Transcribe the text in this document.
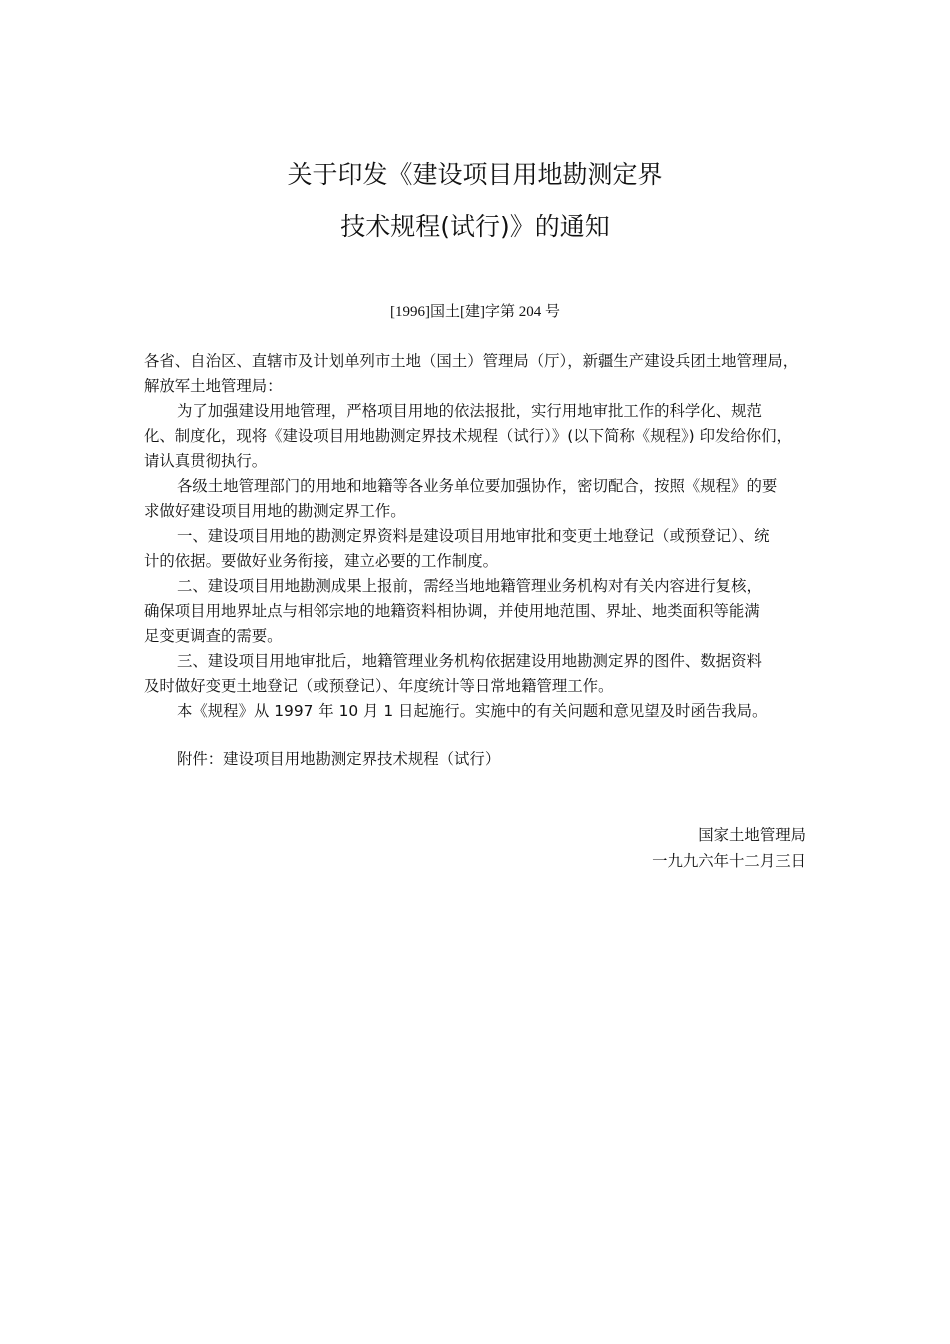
关于印发《建设项目用地勘测定界
技术规程(试行)》的通知
[1996]国土[建]字第 204 号
各省、自治区、直辖市及计划单列市土地（国土）管理局（厅），新疆生产建设兵团土地管理局，
解放军土地管理局：
为了加强建设用地管理，严格项目用地的依法报批，实行用地审批工作的科学化、规范
化、制度化，现将《建设项目用地勘测定界技术规程（试行）》(以下简称《规程》) 印发给你们，
请认真贯彻执行。
各级土地管理部门的用地和地籍等各业务单位要加强协作，密切配合，按照《规程》的要
求做好建设项目用地的勘测定界工作。
一、建设项目用地的勘测定界资料是建设项目用地审批和变更土地登记（或预登记）、统
计的依据。要做好业务衔接，建立必要的工作制度。
二、建设项目用地勘测成果上报前，需经当地地籍管理业务机构对有关内容进行复核，
确保项目用地界址点与相邻宗地的地籍资料相协调，并使用地范围、界址、地类面积等能满
足变更调查的需要。
三、建设项目用地审批后，地籍管理业务机构依据建设用地勘测定界的图件、数据资料
及时做好变更土地登记（或预登记）、年度统计等日常地籍管理工作。
本《规程》从 1997 年 10 月 1 日起施行。实施中的有关问题和意见望及时函告我局。
附件：建设项目用地勘测定界技术规程（试行）
国家土地管理局
一九九六年十二月三日
